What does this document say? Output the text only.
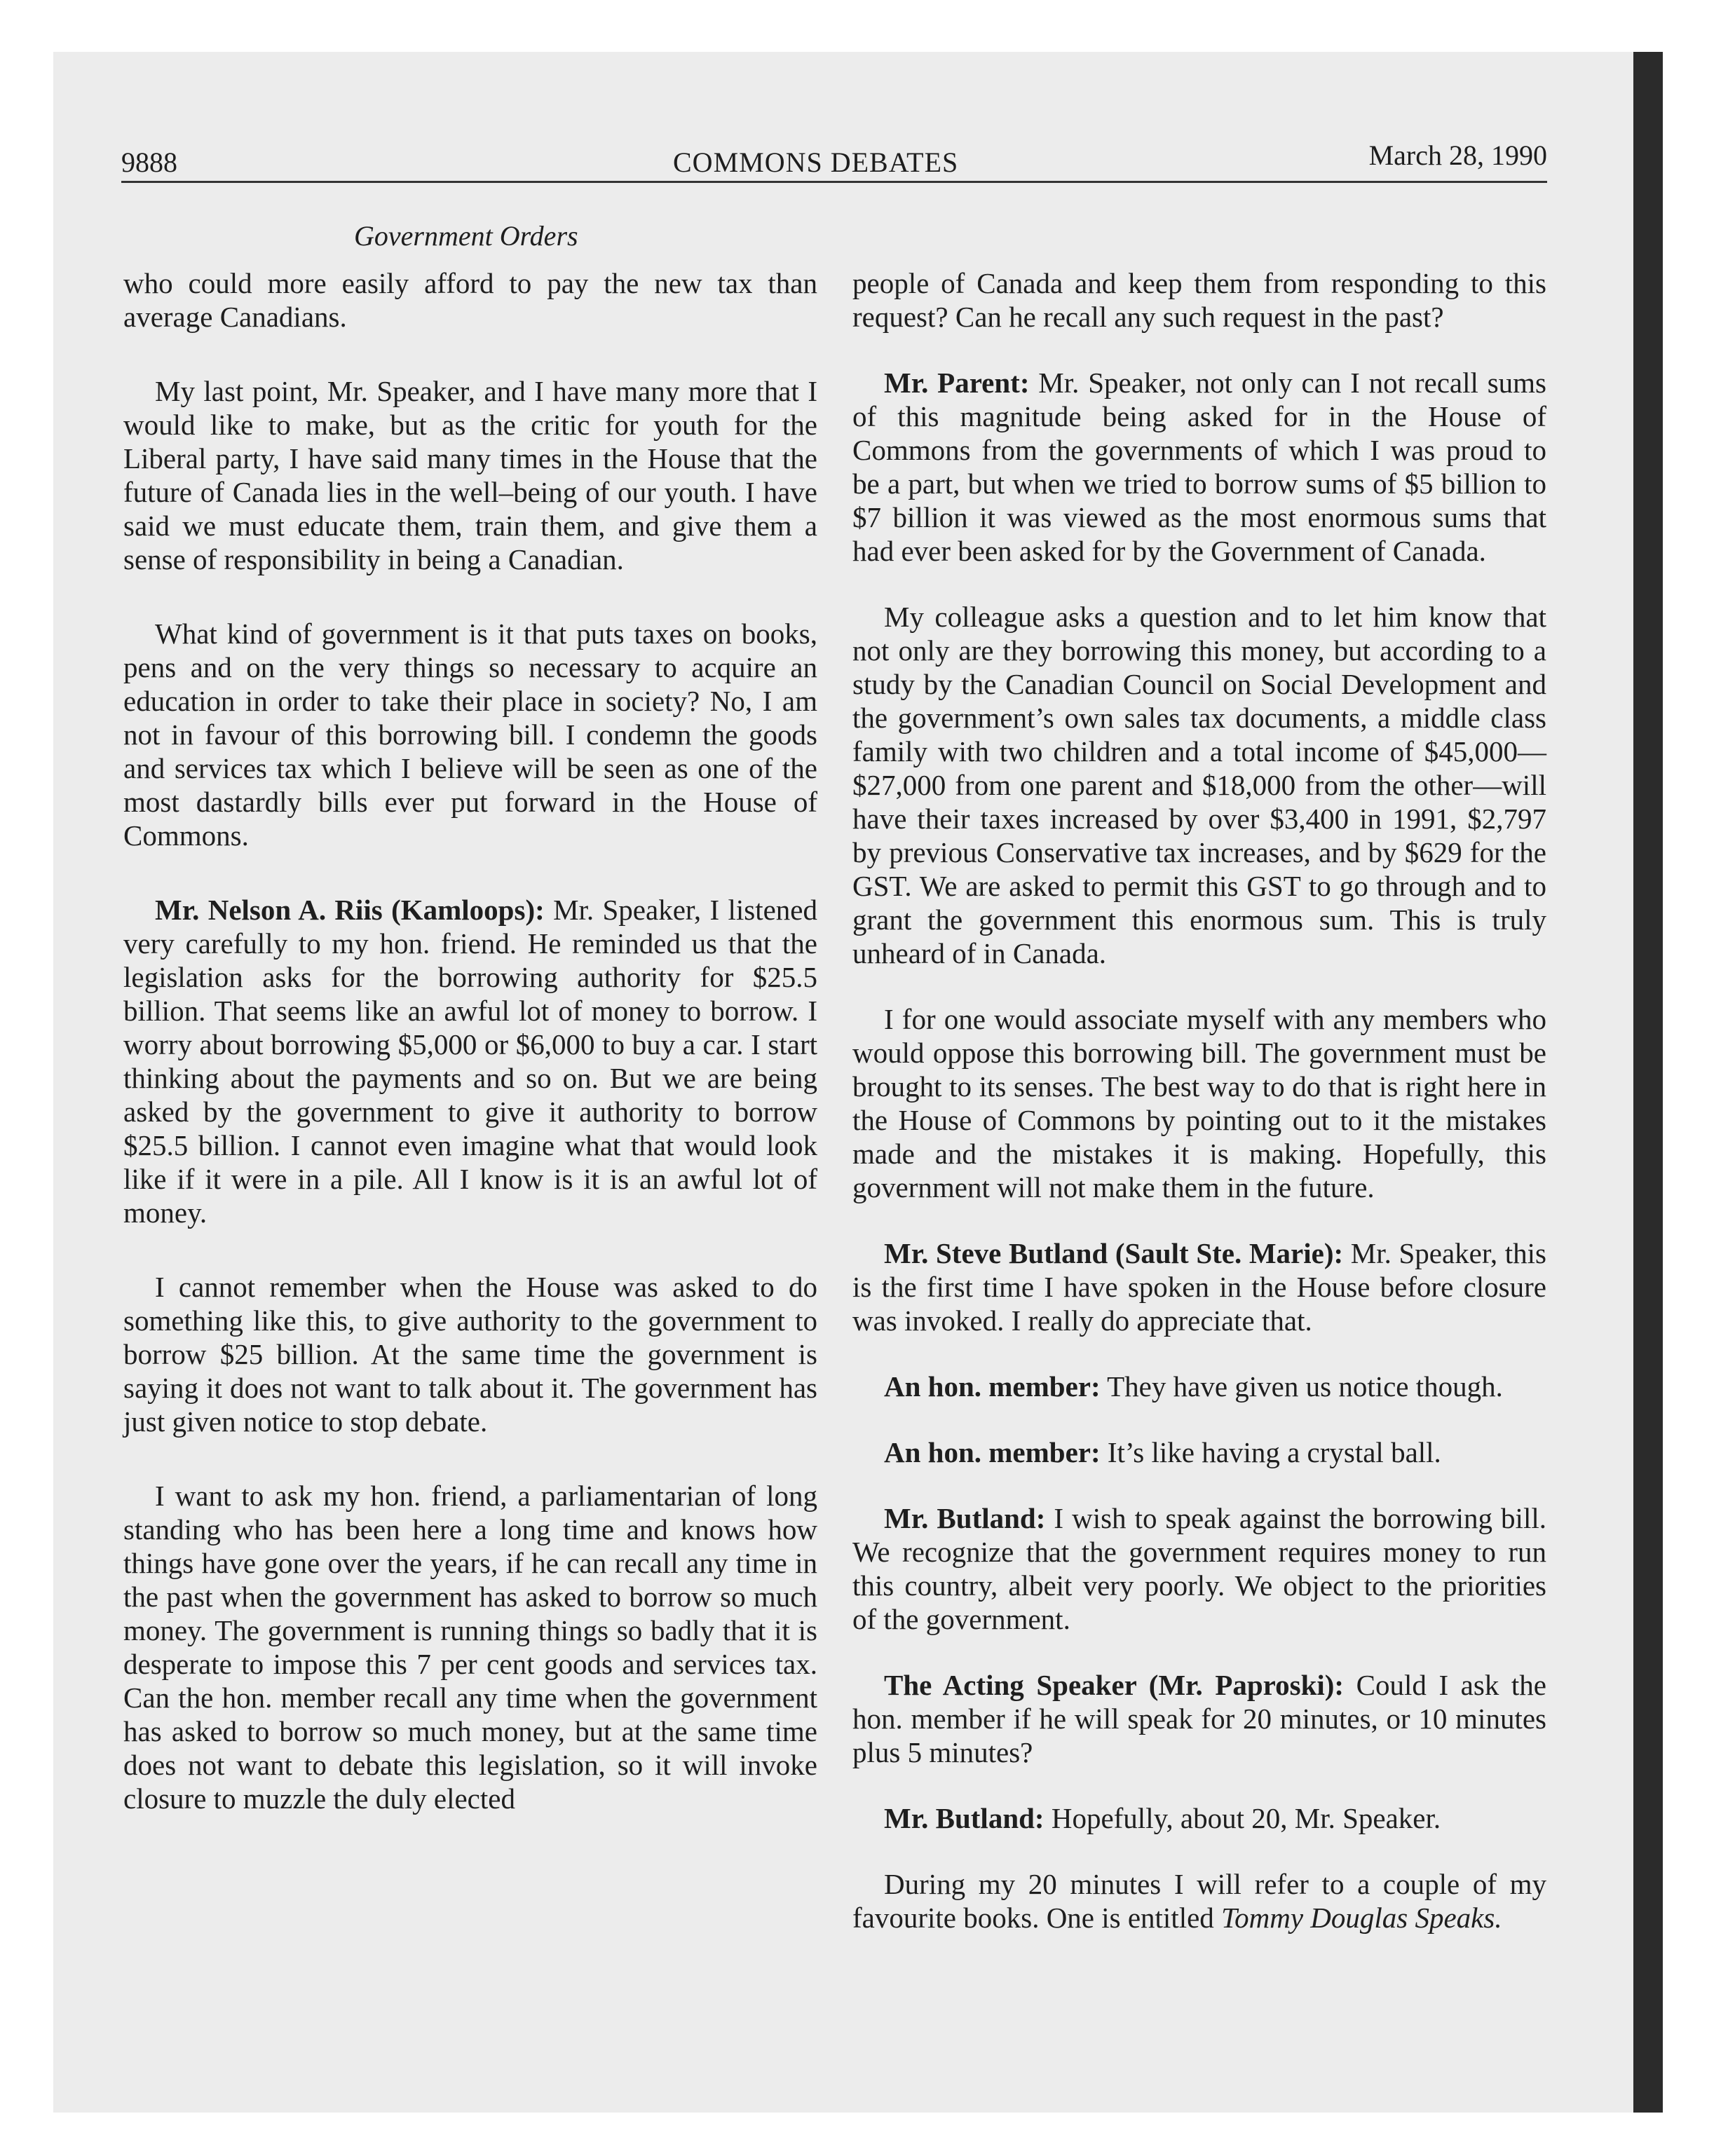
9888	COMMONS DEBATES	March 28, 1990
Government Orders

who could more easily afford to pay the new tax than average Canadians.

My last point, Mr. Speaker, and I have many more that I would like to make, but as the critic for youth for the Liberal party, I have said many times in the House that the future of Canada lies in the well–being of our youth. I have said we must educate them, train them, and give them a sense of responsibility in being a Canadian.

What kind of government is it that puts taxes on books, pens and on the very things so necessary to acquire an education in order to take their place in society? No, I am not in favour of this borrowing bill. I condemn the goods and services tax which I believe will be seen as one of the most dastardly bills ever put forward in the House of Commons.

Mr. Nelson A. Riis (Kamloops): Mr. Speaker, I listened very carefully to my hon. friend. He reminded us that the legislation asks for the borrowing authority for $25.5 billion. That seems like an awful lot of money to borrow. I worry about borrowing $5,000 or $6,000 to buy a car. I start thinking about the payments and so on. But we are being asked by the government to give it authority to borrow $25.5 billion. I cannot even imagine what that would look like if it were in a pile. All I know is it is an awful lot of money.

I cannot remember when the House was asked to do something like this, to give authority to the government to borrow $25 billion. At the same time the government is saying it does not want to talk about it. The government has just given notice to stop debate.

I want to ask my hon. friend, a parliamentarian of long standing who has been here a long time and knows how things have gone over the years, if he can recall any time in the past when the government has asked to borrow so much money. The government is running things so badly that it is desperate to impose this 7 per cent goods and services tax. Can the hon. member recall any time when the government has asked to borrow so much money, but at the same time does not want to debate this legislation, so it will invoke closure to muzzle the duly elected

people of Canada and keep them from responding to this request? Can he recall any such request in the past?

Mr. Parent: Mr. Speaker, not only can I not recall sums of this magnitude being asked for in the House of Commons from the governments of which I was proud to be a part, but when we tried to borrow sums of $5 billion to $7 billion it was viewed as the most enormous sums that had ever been asked for by the Government of Canada.

My colleague asks a question and to let him know that not only are they borrowing this money, but according to a study by the Canadian Council on Social Development and the government’s own sales tax documents, a middle class family with two children and a total income of $45,000—$27,000 from one parent and $18,000 from the other—will have their taxes increased by over $3,400 in 1991, $2,797 by previous Conservative tax increases, and by $629 for the GST. We are asked to permit this GST to go through and to grant the government this enormous sum. This is truly unheard of in Canada.

I for one would associate myself with any members who would oppose this borrowing bill. The government must be brought to its senses. The best way to do that is right here in the House of Commons by pointing out to it the mistakes made and the mistakes it is making. Hopefully, this government will not make them in the future.

Mr. Steve Butland (Sault Ste. Marie): Mr. Speaker, this is the first time I have spoken in the House before closure was invoked. I really do appreciate that.

An hon. member: They have given us notice though.

An hon. member: It’s like having a crystal ball.

Mr. Butland: I wish to speak against the borrowing bill. We recognize that the government requires money to run this country, albeit very poorly. We object to the priorities of the government.

The Acting Speaker (Mr. Paproski): Could I ask the hon. member if he will speak for 20 minutes, or 10 minutes plus 5 minutes?

Mr. Butland: Hopefully, about 20, Mr. Speaker.

During my 20 minutes I will refer to a couple of my favourite books. One is entitled Tommy Douglas Speaks.
